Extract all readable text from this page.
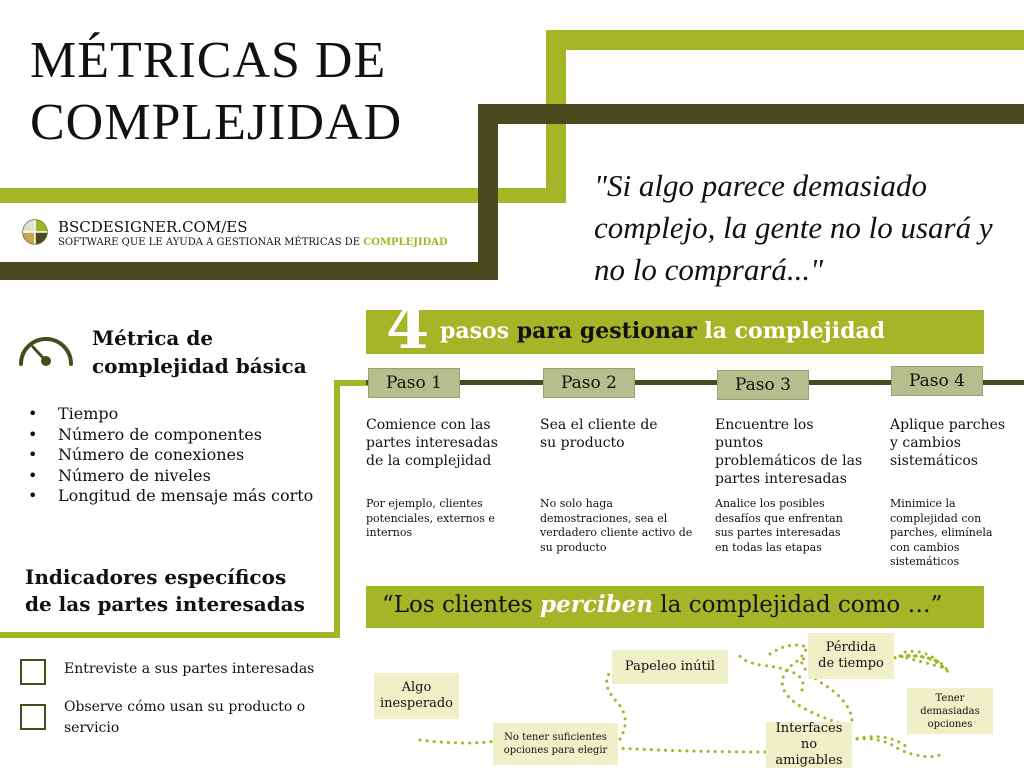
MÉTRICAS DE
COMPLEJIDAD
BSCDESIGNER.COM/ES
SOFTWARE QUE LE AYUDA A GESTIONAR MÉTRICAS DE COMPLEJIDAD
"Si algo parece demasiado complejo, la gente no lo usará y no lo comprará..."
4 pasos para gestionar la complejidad
Métrica de
complejidad básica
• Tiempo
• Número de componentes
• Número de conexiones
• Número de niveles
• Longitud de mensaje más corto
Indicadores específicos
de las partes interesadas
Entreviste a sus partes interesadas
Observe cómo usan su producto o servicio
Paso 1	Paso 2	Paso 3	Paso 4
Comience con las partes interesadas de la complejidad
Sea el cliente de su producto
Encuentre los puntos problemáticos de las partes interesadas
Aplique parches y cambios sistemáticos
Por ejemplo, clientes potenciales, externos e internos
No solo haga demostraciones, sea el verdadero cliente activo de su producto
Analice los posibles desafíos que enfrentan sus partes interesadas en todas las etapas
Minimice la complejidad con parches, elimínela con cambios sistemáticos
“Los clientes perciben la complejidad como …”
Algo inesperado
No tener suficientes opciones para elegir
Papeleo inútil
Interfaces no amigables
Pérdida de tiempo
Tener demasiadas opciones
